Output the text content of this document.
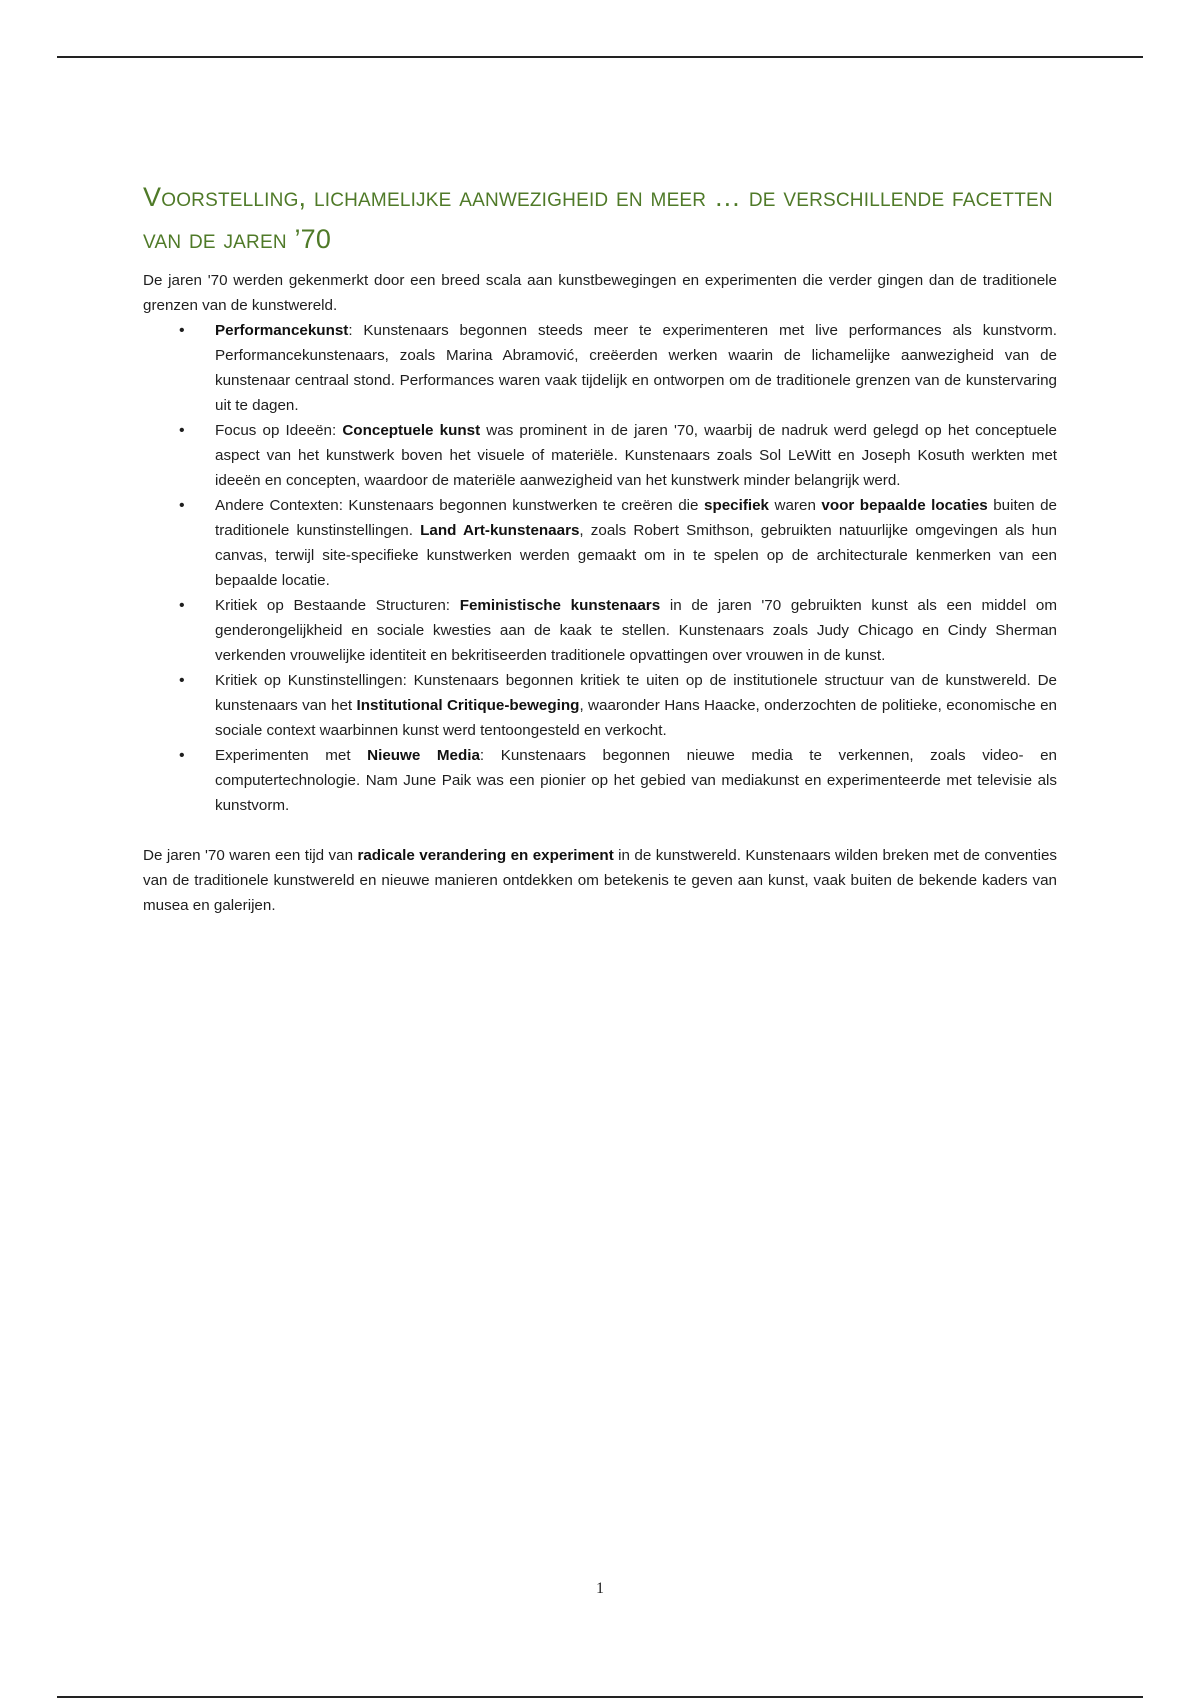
Voorstelling, lichamelijke aanwezigheid en meer … de verschillende facetten van de jaren ’70

De jaren '70 werden gekenmerkt door een breed scala aan kunstbewegingen en experimenten die verder gingen dan de traditionele grenzen van de kunstwereld.

•	Performancekunst: Kunstenaars begonnen steeds meer te experimenteren met live performances als kunstvorm. Performancekunstenaars, zoals Marina Abramović, creëerden werken waarin de lichamelijke aanwezigheid van de kunstenaar centraal stond. Performances waren vaak tijdelijk en ontworpen om de traditionele grenzen van de kunstervaring uit te dagen.
•	Focus op Ideeën: Conceptuele kunst was prominent in de jaren '70, waarbij de nadruk werd gelegd op het conceptuele aspect van het kunstwerk boven het visuele of materiële. Kunstenaars zoals Sol LeWitt en Joseph Kosuth werkten met ideeën en concepten, waardoor de materiële aanwezigheid van het kunstwerk minder belangrijk werd.
•	Andere Contexten: Kunstenaars begonnen kunstwerken te creëren die specifiek waren voor bepaalde locaties buiten de traditionele kunstinstellingen. Land Art-kunstenaars, zoals Robert Smithson, gebruikten natuurlijke omgevingen als hun canvas, terwijl site-specifieke kunstwerken werden gemaakt om in te spelen op de architecturale kenmerken van een bepaalde locatie.
•	Kritiek op Bestaande Structuren: Feministische kunstenaars in de jaren '70 gebruikten kunst als een middel om genderongelijkheid en sociale kwesties aan de kaak te stellen. Kunstenaars zoals Judy Chicago en Cindy Sherman verkenden vrouwelijke identiteit en bekritiseerden traditionele opvattingen over vrouwen in de kunst.
•	Kritiek op Kunstinstellingen: Kunstenaars begonnen kritiek te uiten op de institutionele structuur van de kunstwereld. De kunstenaars van het Institutional Critique-beweging, waaronder Hans Haacke, onderzochten de politieke, economische en sociale context waarbinnen kunst werd tentoongesteld en verkocht.
•	Experimenten met Nieuwe Media: Kunstenaars begonnen nieuwe media te verkennen, zoals video- en computertechnologie. Nam June Paik was een pionier op het gebied van mediakunst en experimenteerde met televisie als kunstvorm.

De jaren '70 waren een tijd van radicale verandering en experiment in de kunstwereld. Kunstenaars wilden breken met de conventies van de traditionele kunstwereld en nieuwe manieren ontdekken om betekenis te geven aan kunst, vaak buiten de bekende kaders van musea en galerijen.

1
